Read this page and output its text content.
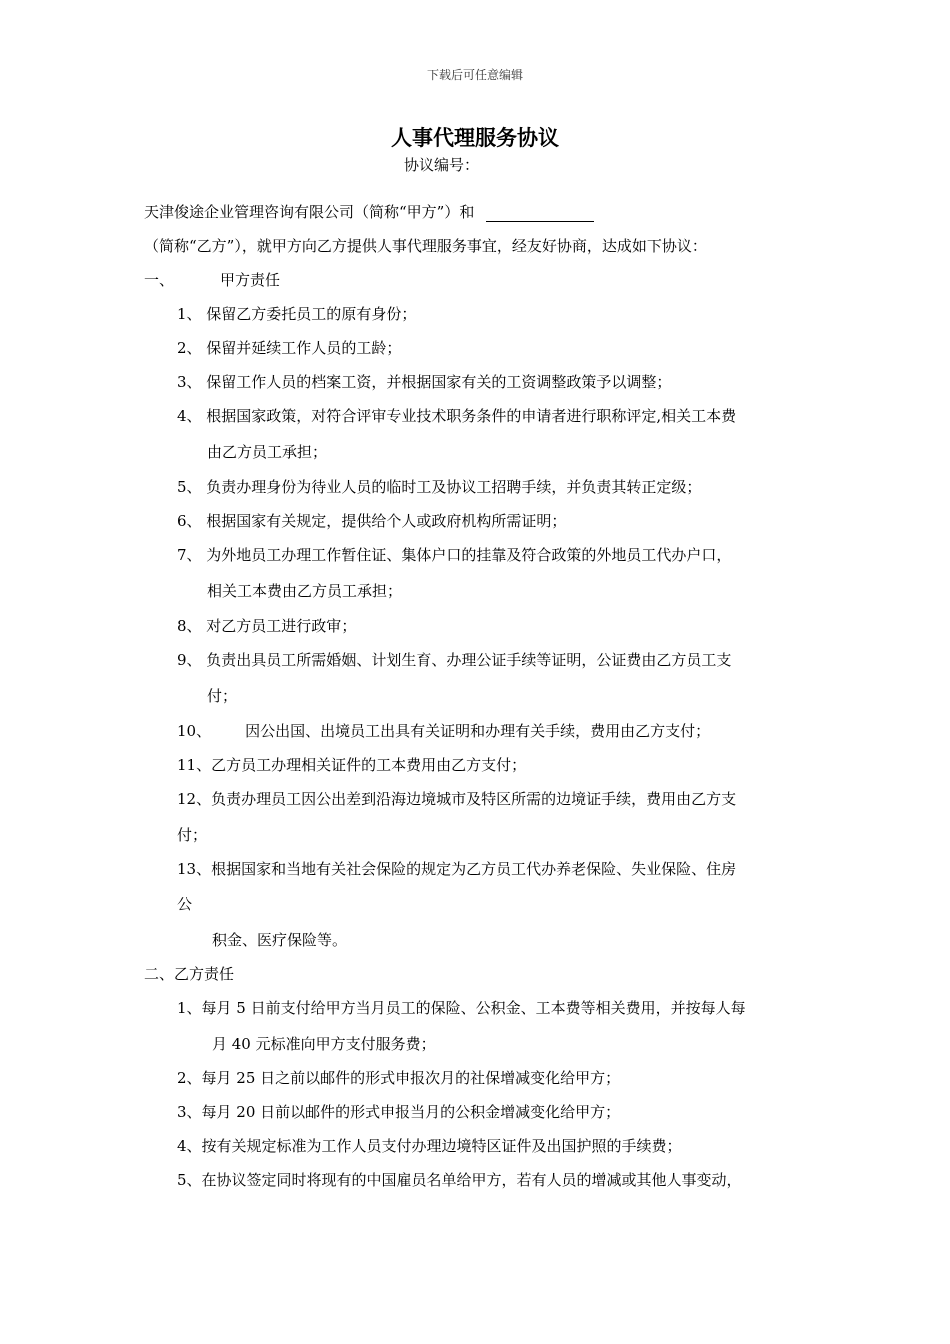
下载后可任意编辑
人事代理服务协议
协议编号：
天津俊途企业管理咨询有限公司（简称“甲方”）和
（简称“乙方”），就甲方向乙方提供人事代理服务事宜，经友好协商，达成如下协议：
一、	甲方责任
1、 保留乙方委托员工的原有身份；
2、 保留并延续工作人员的工龄；
3、 保留工作人员的档案工资，并根据国家有关的工资调整政策予以调整；
4、 根据国家政策，对符合评审专业技术职务条件的申请者进行职称评定,相关工本费
由乙方员工承担；
5、 负责办理身份为待业人员的临时工及协议工招聘手续，并负责其转正定级；
6、 根据国家有关规定，提供给个人或政府机构所需证明；
7、 为外地员工办理工作暂住证、集体户口的挂靠及符合政策的外地员工代办户口，
相关工本费由乙方员工承担；
8、 对乙方员工进行政审；
9、 负责出具员工所需婚姻、计划生育、办理公证手续等证明，公证费由乙方员工支
付；
10、 因公出国、出境员工出具有关证明和办理有关手续，费用由乙方支付；
11、乙方员工办理相关证件的工本费用由乙方支付；
12、负责办理员工因公出差到沿海边境城市及特区所需的边境证手续，费用由乙方支
付；
13、根据国家和当地有关社会保险的规定为乙方员工代办养老保险、失业保险、住房
公
积金、医疗保险等。
二、乙方责任
1、每月 5 日前支付给甲方当月员工的保险、公积金、工本费等相关费用，并按每人每
月 40 元标准向甲方支付服务费；
2、每月 25 日之前以邮件的形式申报次月的社保增减变化给甲方；
3、每月 20 日前以邮件的形式申报当月的公积金增减变化给甲方；
4、按有关规定标准为工作人员支付办理边境特区证件及出国护照的手续费；
5、在协议签定同时将现有的中国雇员名单给甲方，若有人员的增减或其他人事变动，
